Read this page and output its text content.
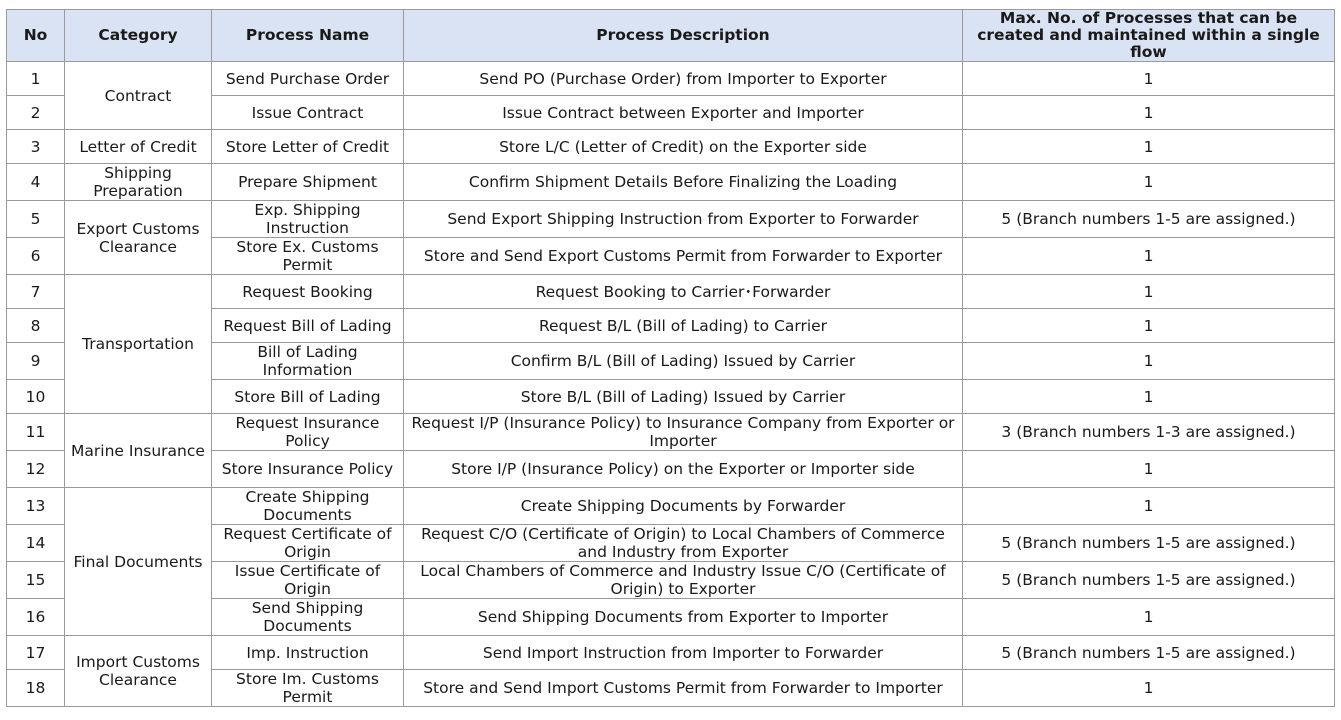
No	Category	Process Name	Process Description	Max. No. of Processes that can be created and maintained within a single flow
1	Contract	Send Purchase Order	Send PO (Purchase Order) from Importer to Exporter	1
2		Issue Contract	Issue Contract between Exporter and Importer	1
3	Letter of Credit	Store Letter of Credit	Store L/C (Letter of Credit) on the Exporter side	1
4	Shipping Preparation	Prepare Shipment	Confirm Shipment Details Before Finalizing the Loading	1
5	Export Customs Clearance	Exp. Shipping Instruction	Send Export Shipping Instruction from Exporter to Forwarder	5 (Branch numbers 1-5 are assigned.)
6		Store Ex. Customs Permit	Store and Send Export Customs Permit from Forwarder to Exporter	1
7	Transportation	Request Booking	Request Booking to Carrier･Forwarder	1
8		Request Bill of Lading	Request B/L (Bill of Lading) to Carrier	1
9		Bill of Lading Information	Confirm B/L (Bill of Lading) Issued by Carrier	1
10		Store Bill of Lading	Store B/L (Bill of Lading) Issued by Carrier	1
11	Marine Insurance	Request Insurance Policy	Request I/P (Insurance Policy) to Insurance Company from Exporter or Importer	3 (Branch numbers 1-3 are assigned.)
12		Store Insurance Policy	Store I/P (Insurance Policy) on the Exporter or Importer side	1
13	Final Documents	Create Shipping Documents	Create Shipping Documents by Forwarder	1
14		Request Certificate of Origin	Request C/O (Certificate of Origin) to Local Chambers of Commerce and Industry from Exporter	5 (Branch numbers 1-5 are assigned.)
15		Issue Certificate of Origin	Local Chambers of Commerce and Industry Issue C/O (Certificate of Origin) to Exporter	5 (Branch numbers 1-5 are assigned.)
16		Send Shipping Documents	Send Shipping Documents from Exporter to Importer	1
17	Import Customs Clearance	Imp. Instruction	Send Import Instruction from Importer to Forwarder	5 (Branch numbers 1-5 are assigned.)
18		Store Im. Customs Permit	Store and Send Import Customs Permit from Forwarder to Importer	1
